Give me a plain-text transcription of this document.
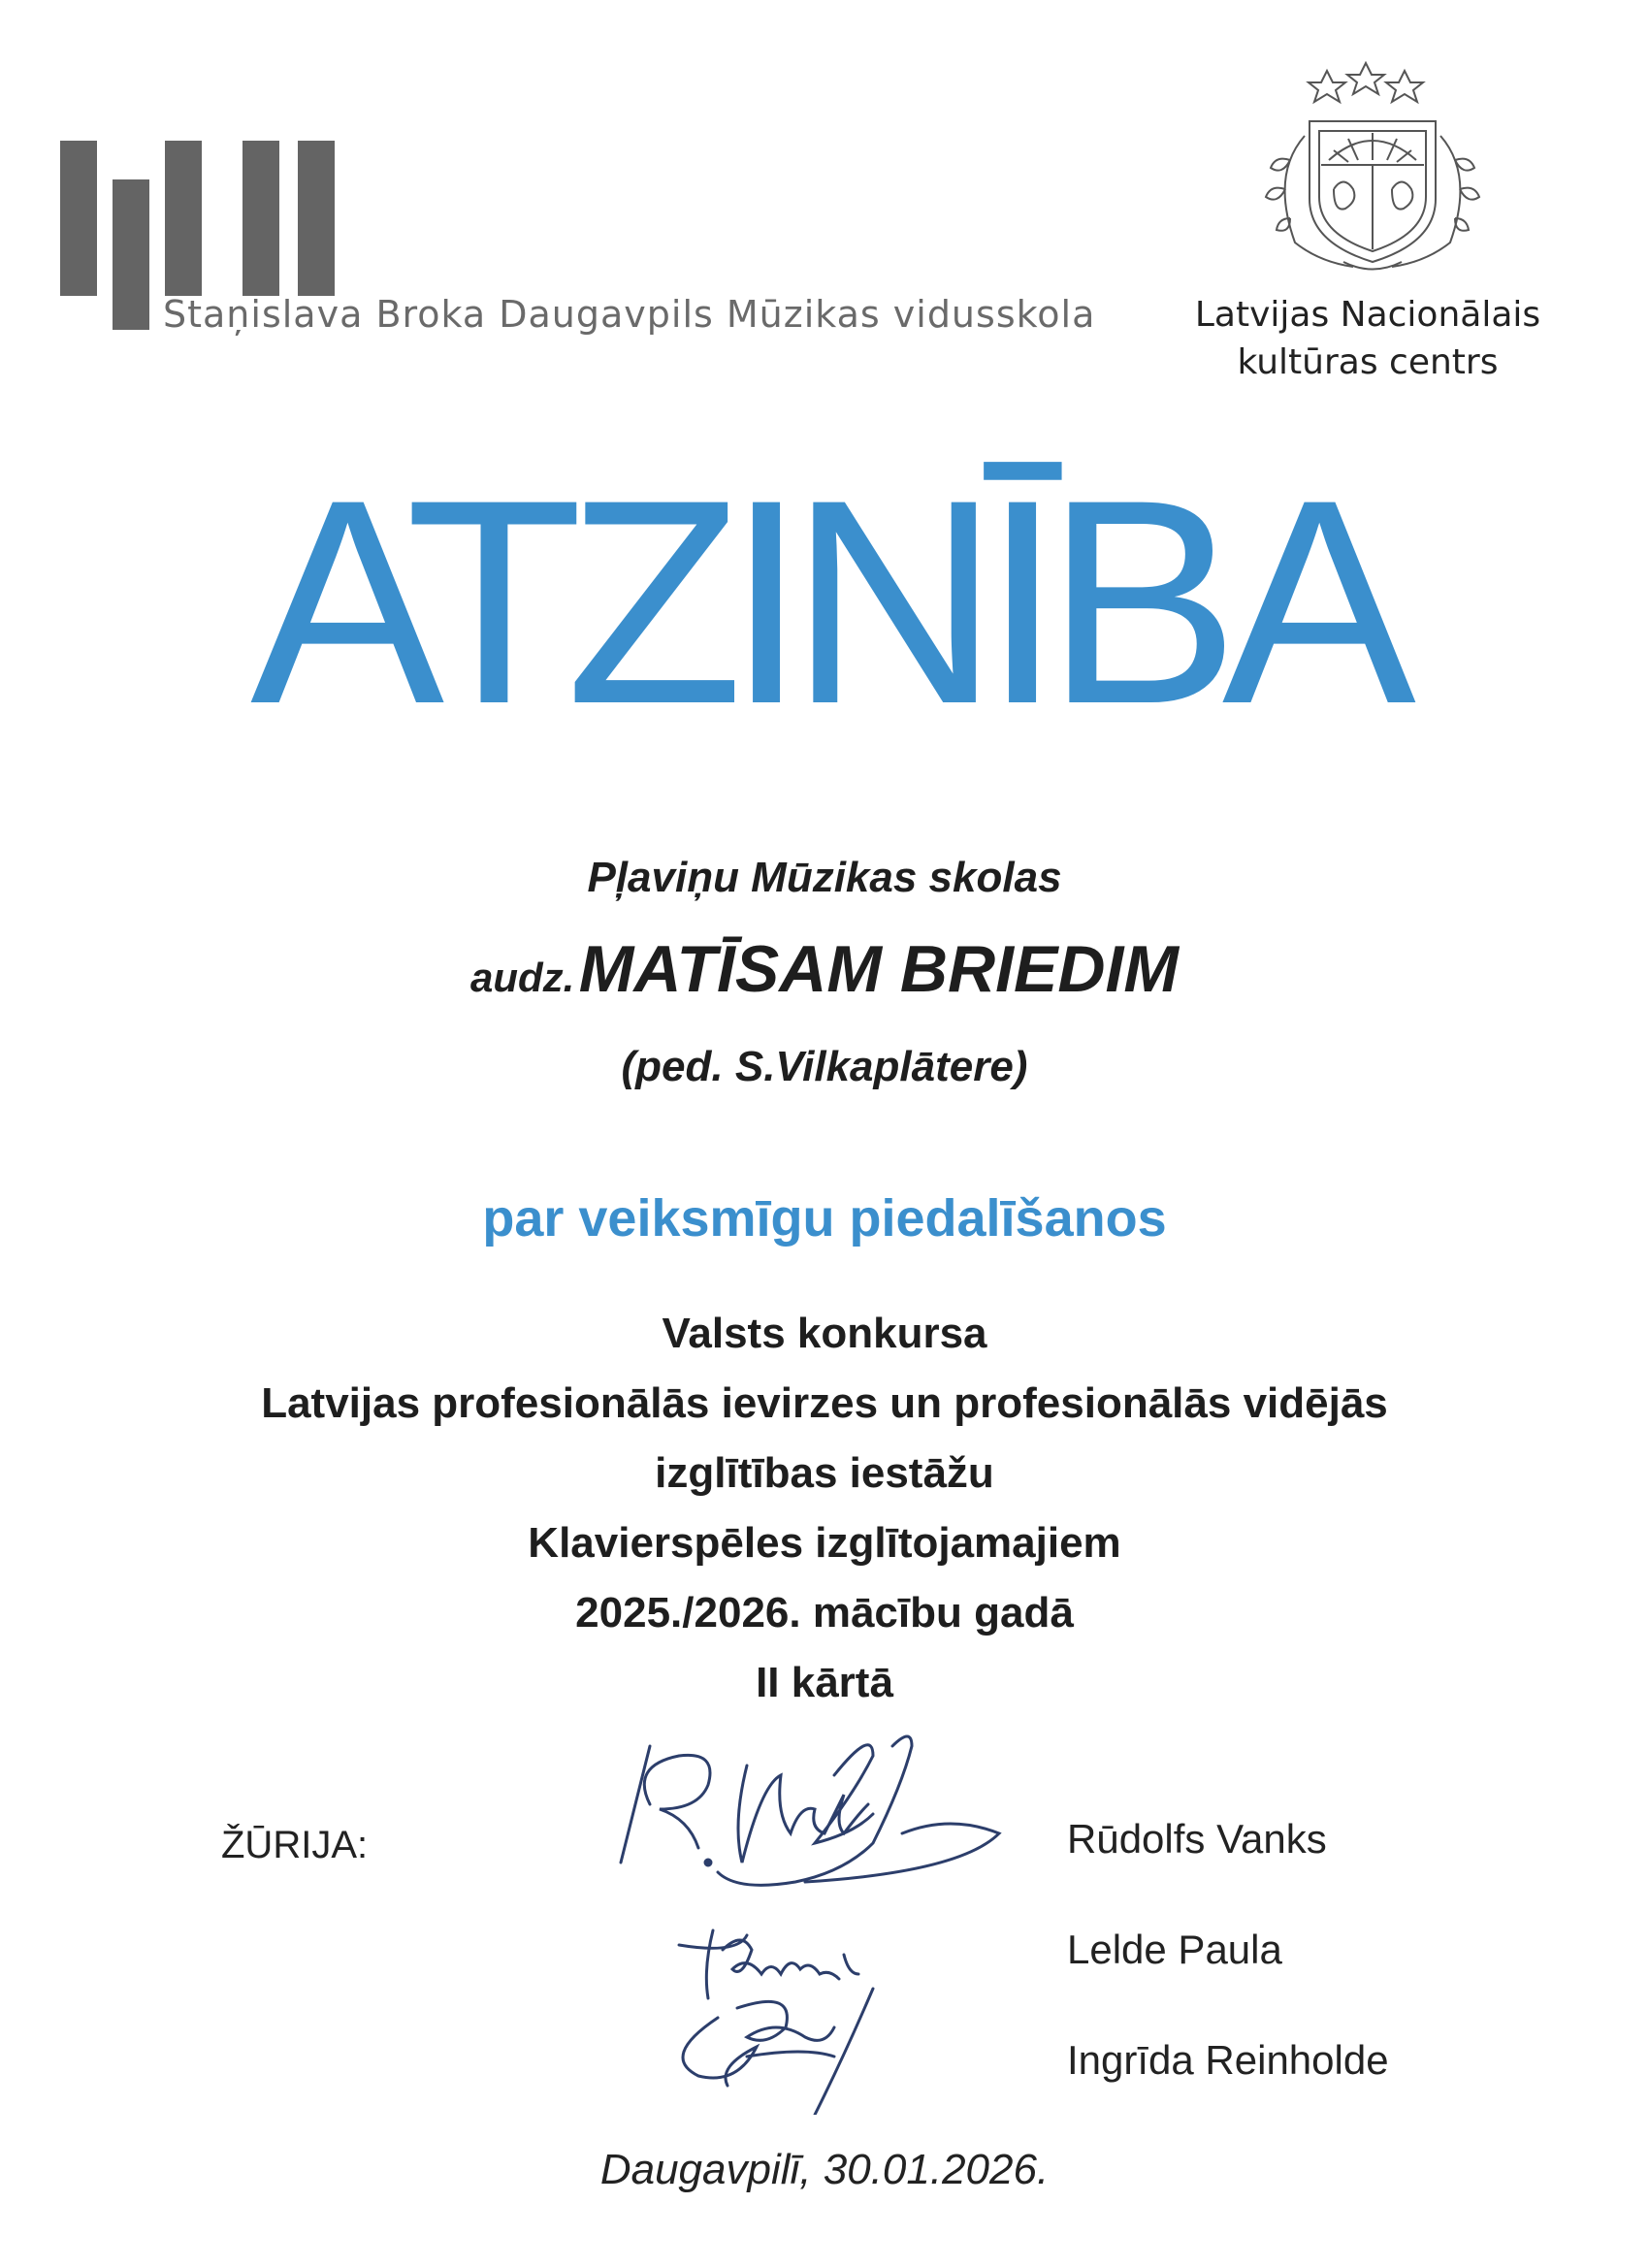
Staņislava Broka Daugavpils Mūzikas vidusskola	Latvijas Nacionālais
kultūras centrs
ATZINĪBA
Pļaviņu Mūzikas skolas
audz. MATĪSAM BRIEDIM
(ped. S.Vilkaplātere)
par veiksmīgu piedalīšanos
Valsts konkursa
Latvijas profesionālās ievirzes un profesionālās vidējās
izglītības iestāžu
Klavierspēles izglītojamajiem
2025./2026. mācību gadā
II kārtā
ŽŪRIJA:	Rūdolfs Vanks
Lelde Paula
Ingrīda Reinholde
Daugavpilī, 30.01.2026.
